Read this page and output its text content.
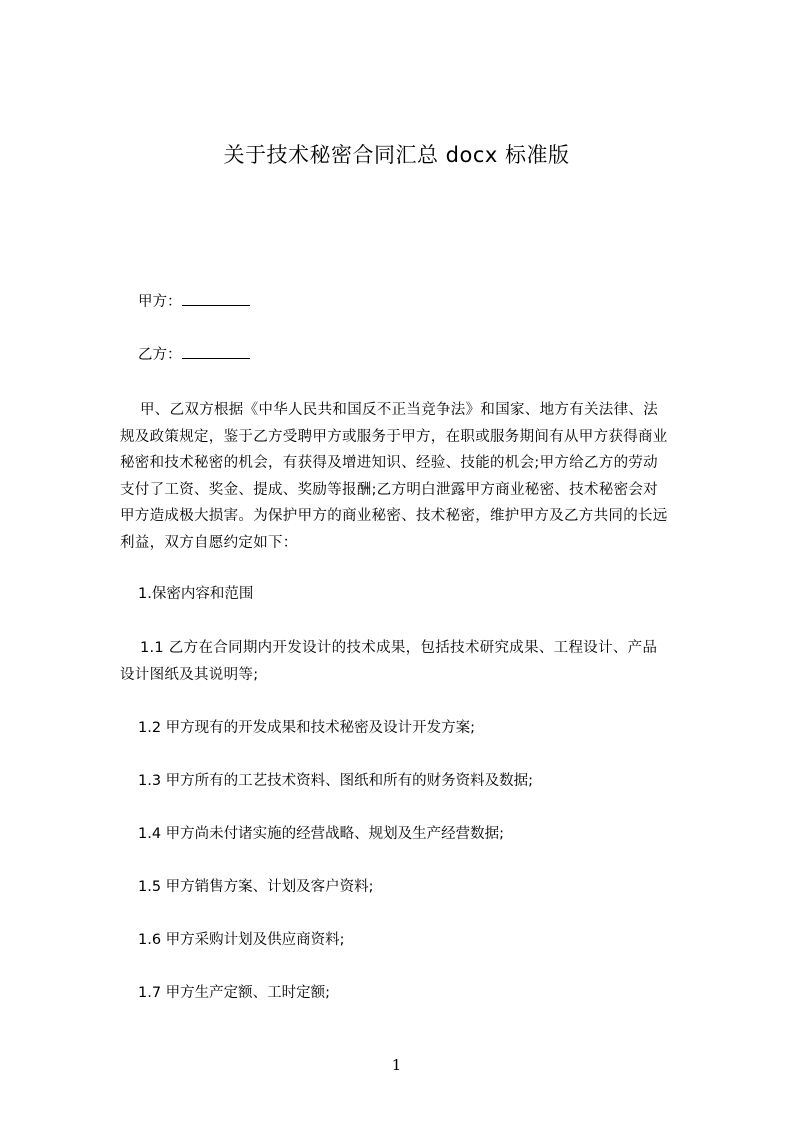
关于技术秘密合同汇总 docx 标准版
甲方：
乙方：
甲、乙双方根据《中华人民共和国反不正当竞争法》和国家、地方有关法律、法
规及政策规定，鉴于乙方受聘甲方或服务于甲方，在职或服务期间有从甲方获得商业
秘密和技术秘密的机会，有获得及增进知识、经验、技能的机会;甲方给乙方的劳动
支付了工资、奖金、提成、奖励等报酬;乙方明白泄露甲方商业秘密、技术秘密会对
甲方造成极大损害。为保护甲方的商业秘密、技术秘密，维护甲方及乙方共同的长远
利益，双方自愿约定如下：
1.保密内容和范围
1.1 乙方在合同期内开发设计的技术成果，包括技术研究成果、工程设计、产品
设计图纸及其说明等;
1.2 甲方现有的开发成果和技术秘密及设计开发方案;
1.3 甲方所有的工艺技术资料、图纸和所有的财务资料及数据;
1.4 甲方尚未付诸实施的经营战略、规划及生产经营数据;
1.5 甲方销售方案、计划及客户资料;
1.6 甲方采购计划及供应商资料;
1.7 甲方生产定额、工时定额;
1
